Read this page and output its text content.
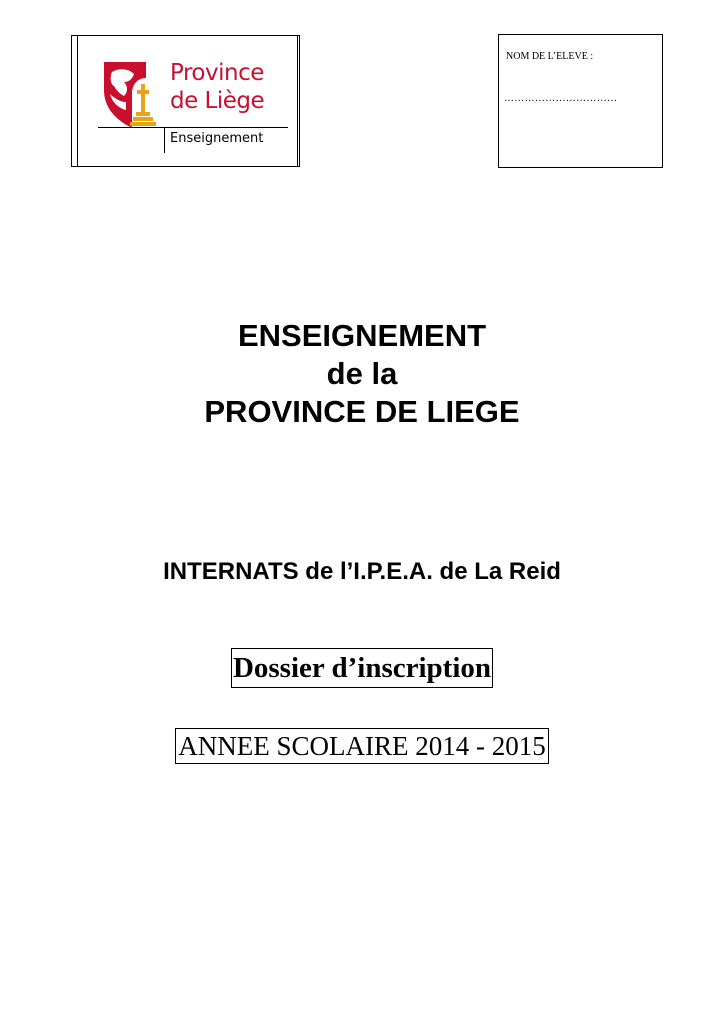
Province
de Liège
Enseignement
NOM DE L’ELEVE :
……………………………
ENSEIGNEMENT
de la
PROVINCE DE LIEGE
INTERNATS de l’I.P.E.A. de La Reid
Dossier d’inscription
ANNEE SCOLAIRE 2014 - 2015
